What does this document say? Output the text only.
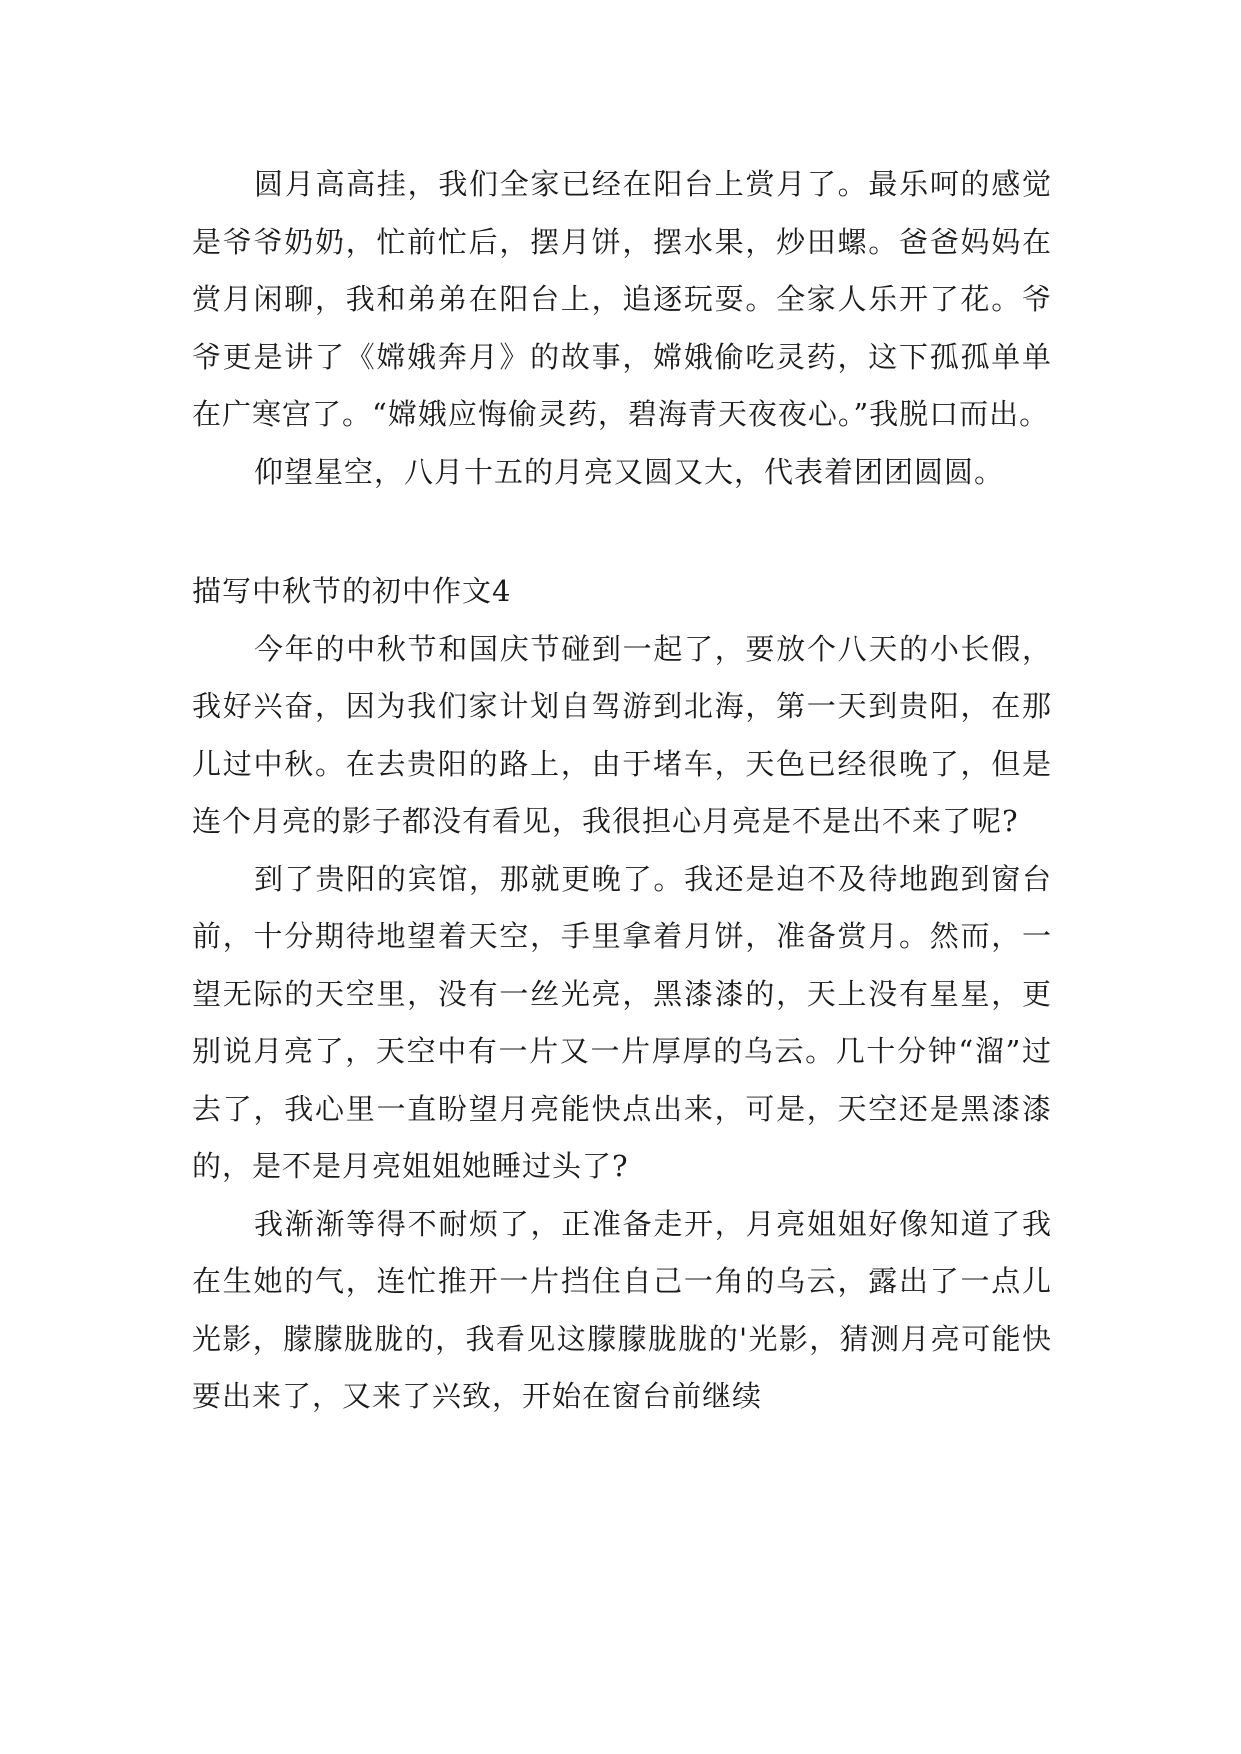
圆月高高挂，我们全家已经在阳台上赏月了。最乐呵的感觉是爷爷奶奶，忙前忙后，摆月饼，摆水果，炒田螺。爸爸妈妈在赏月闲聊，我和弟弟在阳台上，追逐玩耍。全家人乐开了花。爷爷更是讲了《嫦娥奔月》的故事，嫦娥偷吃灵药，这下孤孤单单在广寒宫了。“嫦娥应悔偷灵药，碧海青天夜夜心。”我脱口而出。

仰望星空，八月十五的月亮又圆又大，代表着团团圆圆。

描写中秋节的初中作文4

今年的中秋节和国庆节碰到一起了，要放个八天的小长假，我好兴奋，因为我们家计划自驾游到北海，第一天到贵阳，在那儿过中秋。在去贵阳的路上，由于堵车，天色已经很晚了，但是连个月亮的影子都没有看见，我很担心月亮是不是出不来了呢?

到了贵阳的宾馆，那就更晚了。我还是迫不及待地跑到窗台前，十分期待地望着天空，手里拿着月饼，准备赏月。然而，一望无际的天空里，没有一丝光亮，黑漆漆的，天上没有星星，更别说月亮了，天空中有一片又一片厚厚的乌云。几十分钟“溜”过去了，我心里一直盼望月亮能快点出来，可是，天空还是黑漆漆的，是不是月亮姐姐她睡过头了?

我渐渐等得不耐烦了，正准备走开，月亮姐姐好像知道了我在生她的气，连忙推开一片挡住自己一角的乌云，露出了一点儿光影，朦朦胧胧的，我看见这朦朦胧胧的'光影，猜测月亮可能快要出来了，又来了兴致，开始在窗台前继续
